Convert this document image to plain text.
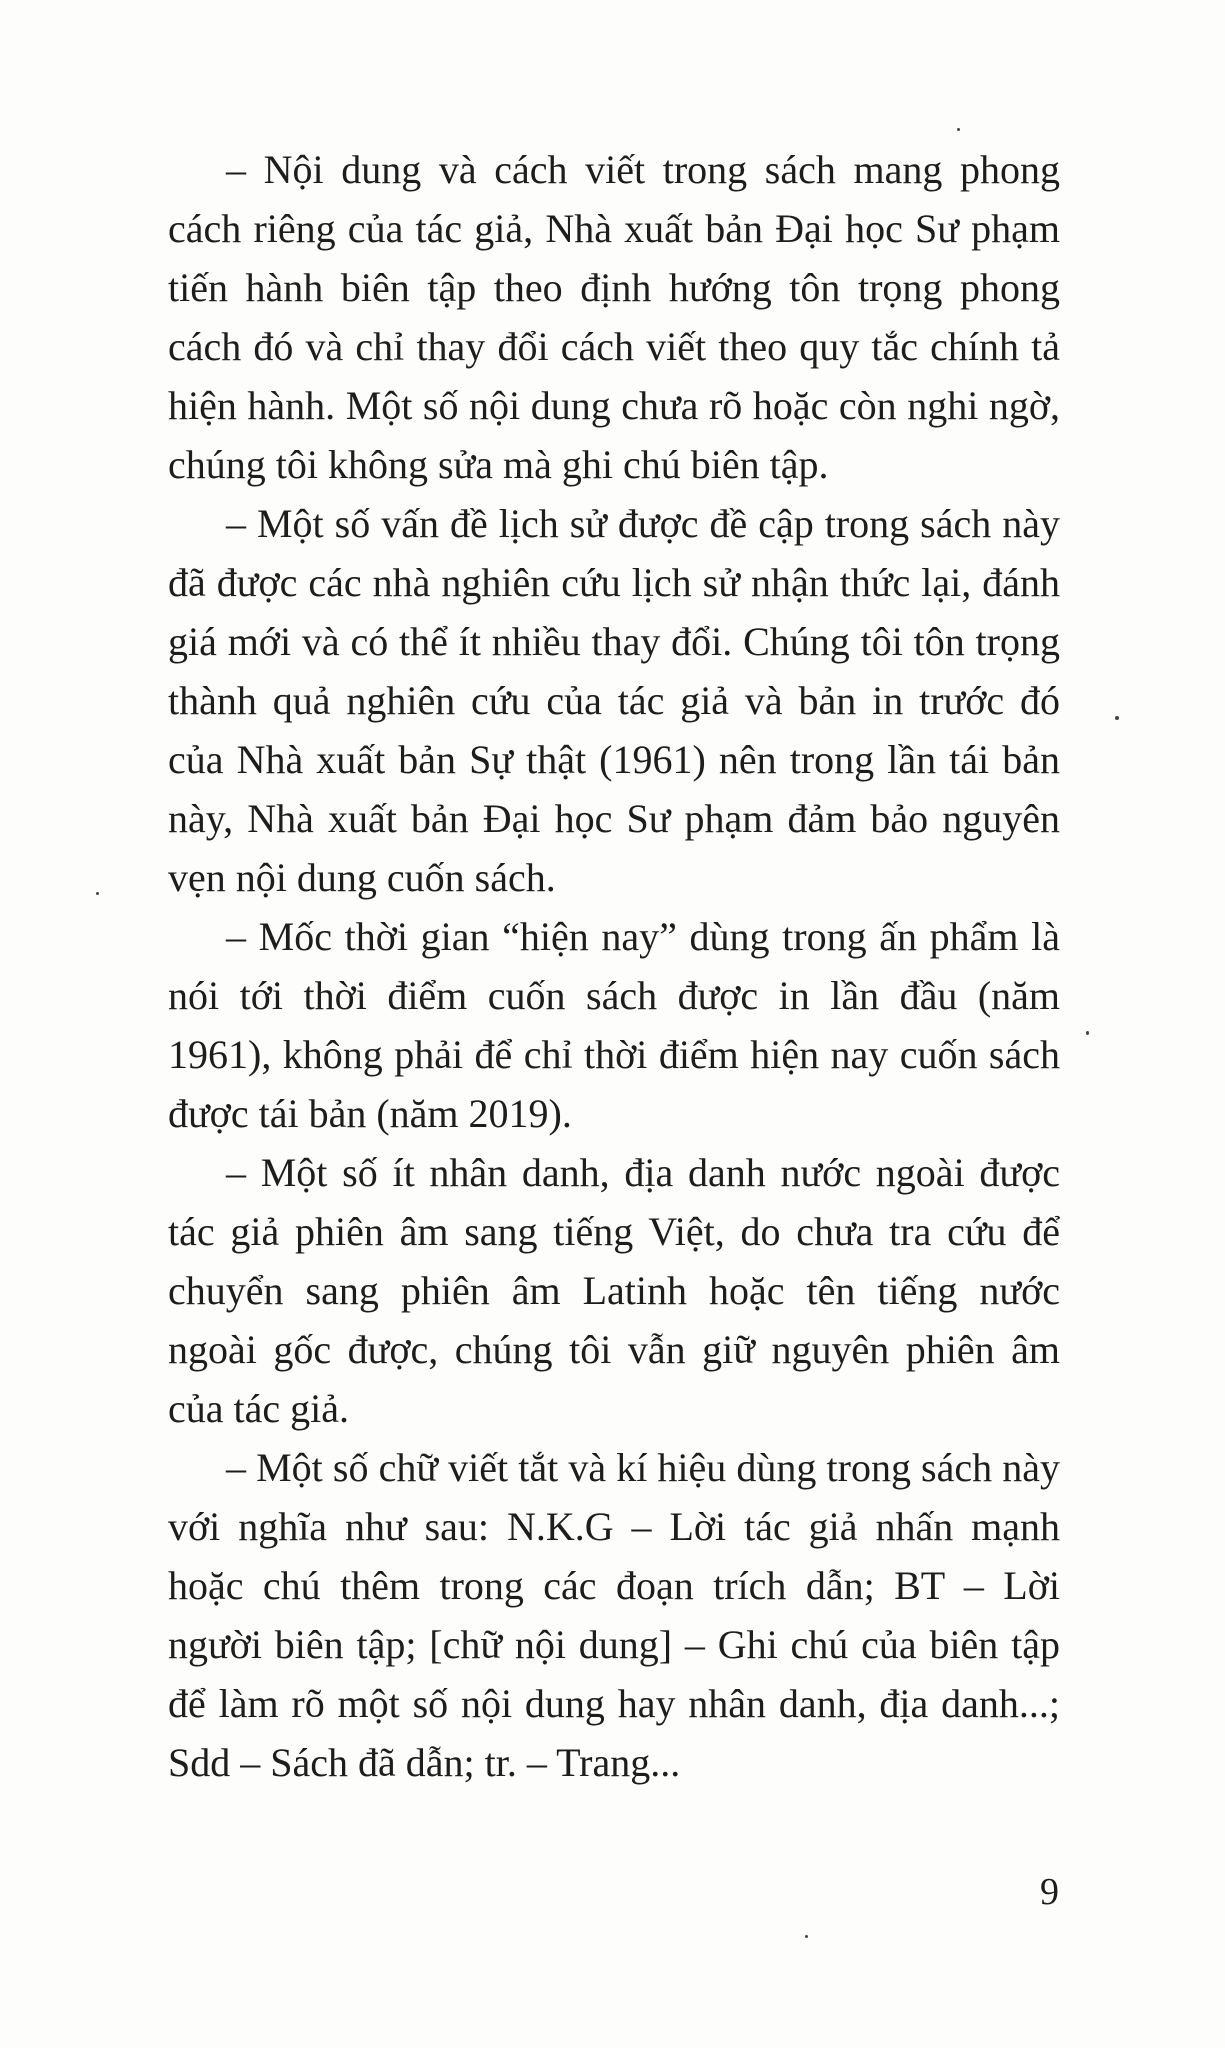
– Nội dung và cách viết trong sách mang phong cách riêng của tác giả, Nhà xuất bản Đại học Sư phạm tiến hành biên tập theo định hướng tôn trọng phong cách đó và chỉ thay đổi cách viết theo quy tắc chính tả hiện hành. Một số nội dung chưa rõ hoặc còn nghi ngờ, chúng tôi không sửa mà ghi chú biên tập.

– Một số vấn đề lịch sử được đề cập trong sách này đã được các nhà nghiên cứu lịch sử nhận thức lại, đánh giá mới và có thể ít nhiều thay đổi. Chúng tôi tôn trọng thành quả nghiên cứu của tác giả và bản in trước đó của Nhà xuất bản Sự thật (1961) nên trong lần tái bản này, Nhà xuất bản Đại học Sư phạm đảm bảo nguyên vẹn nội dung cuốn sách.

– Mốc thời gian “hiện nay” dùng trong ấn phẩm là nói tới thời điểm cuốn sách được in lần đầu (năm 1961), không phải để chỉ thời điểm hiện nay cuốn sách được tái bản (năm 2019).

– Một số ít nhân danh, địa danh nước ngoài được tác giả phiên âm sang tiếng Việt, do chưa tra cứu để chuyển sang phiên âm Latinh hoặc tên tiếng nước ngoài gốc được, chúng tôi vẫn giữ nguyên phiên âm của tác giả.

– Một số chữ viết tắt và kí hiệu dùng trong sách này với nghĩa như sau: N.K.G – Lời tác giả nhấn mạnh hoặc chú thêm trong các đoạn trích dẫn; BT – Lời người biên tập; [chữ nội dung] – Ghi chú của biên tập để làm rõ một số nội dung hay nhân danh, địa danh...; Sdd – Sách đã dẫn; tr. – Trang...

9
